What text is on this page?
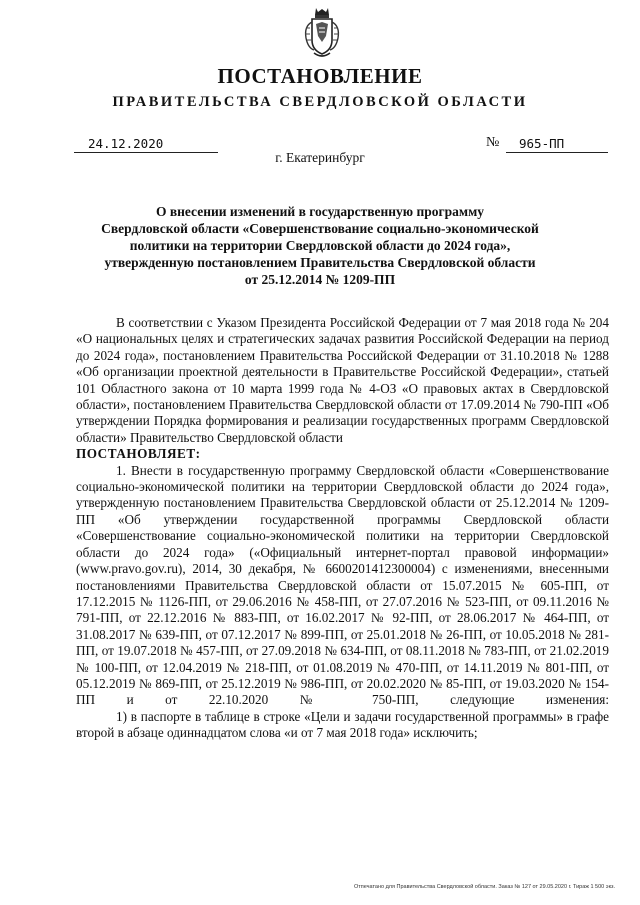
ПОСТАНОВЛЕНИЕ
ПРАВИТЕЛЬСТВА СВЕРДЛОВСКОЙ ОБЛАСТИ
24.12.2020	№ 965-ПП
г. Екатеринбург
О внесении изменений в государственную программу
Свердловской области «Совершенствование социально-экономической
политики на территории Свердловской области до 2024 года»,
утвержденную постановлением Правительства Свердловской области
от 25.12.2014 № 1209-ПП

В соответствии с Указом Президента Российской Федерации от 7 мая 2018 года № 204 «О национальных целях и стратегических задачах развития Российской Федерации на период до 2024 года», постановлением Правительства Российской Федерации от 31.10.2018 № 1288 «Об организации проектной деятельности в Правительстве Российской Федерации», статьей 101 Областного закона от 10 марта 1999 года № 4-ОЗ «О правовых актах в Свердловской области», постановлением Правительства Свердловской области от 17.09.2014 № 790-ПП «Об утверждении Порядка формирования и реализации государственных программ Свердловской области» Правительство Свердловской области

ПОСТАНОВЛЯЕТ:

1. Внести в государственную программу Свердловской области «Совершенствование социально-экономической политики на территории Свердловской области до 2024 года», утвержденную постановлением Правительства Свердловской области от 25.12.2014 № 1209-ПП «Об утверждении государственной программы Свердловской области «Совершенствование социально-экономической политики на территории Свердловской области до 2024 года» («Официальный интернет-портал правовой информации» (www.pravo.gov.ru), 2014, 30 декабря, № 6600201412300004) с изменениями, внесенными постановлениями Правительства Свердловской области от 15.07.2015 № 605-ПП, от 17.12.2015 № 1126-ПП, от 29.06.2016 № 458-ПП, от 27.07.2016 № 523-ПП, от 09.11.2016 № 791-ПП, от 22.12.2016 № 883-ПП, от 16.02.2017 № 92-ПП, от 28.06.2017 № 464-ПП, от 31.08.2017 № 639-ПП, от 07.12.2017 № 899-ПП, от 25.01.2018 № 26-ПП, от 10.05.2018 № 281-ПП, от 19.07.2018 № 457-ПП, от 27.09.2018 № 634-ПП, от 08.11.2018 № 783-ПП, от 21.02.2019 № 100-ПП, от 12.04.2019 № 218-ПП, от 01.08.2019 № 470-ПП, от 14.11.2019 № 801-ПП, от 05.12.2019 № 869-ПП, от 25.12.2019 № 986-ПП, от 20.02.2020 № 85-ПП, от 19.03.2020 № 154-ПП и от 22.10.2020 № 750-ПП, следующие изменения:

1) в паспорте в таблице в строке «Цели и задачи государственной программы» в графе второй в абзаце одиннадцатом слова «и от 7 мая 2018 года» исключить;

Отпечатано для Правительства Свердловской области. Заказ № 127 от 29.05.2020 г. Тираж 1 500 экз.
